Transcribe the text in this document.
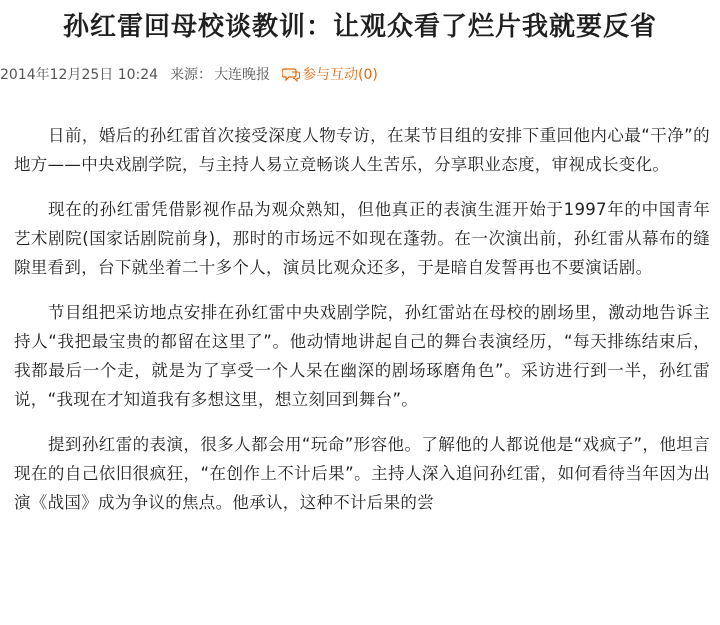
孙红雷回母校谈教训：让观众看了烂片我就要反省
2014年12月25日 10:24 来源： 大连晚报 参与互动(0)

日前，婚后的孙红雷首次接受深度人物专访，在某节目组的安排下重回他内心最“干净”的地方——中央戏剧学院，与主持人易立竞畅谈人生苦乐，分享职业态度，审视成长变化。

现在的孙红雷凭借影视作品为观众熟知，但他真正的表演生涯开始于1997年的中国青年艺术剧院(国家话剧院前身)，那时的市场远不如现在蓬勃。在一次演出前，孙红雷从幕布的缝隙里看到，台下就坐着二十多个人，演员比观众还多，于是暗自发誓再也不要演话剧。

节目组把采访地点安排在孙红雷中央戏剧学院，孙红雷站在母校的剧场里，激动地告诉主持人“我把最宝贵的都留在这里了”。他动情地讲起自己的舞台表演经历，“每天排练结束后，我都最后一个走，就是为了享受一个人呆在幽深的剧场琢磨角色”。采访进行到一半，孙红雷说，“我现在才知道我有多想这里，想立刻回到舞台”。

提到孙红雷的表演，很多人都会用“玩命”形容他。了解他的人都说他是“戏疯子”，他坦言现在的自己依旧很疯狂，“在创作上不计后果”。主持人深入追问孙红雷，如何看待当年因为出演《战国》成为争议的焦点。他承认，这种不计后果的尝
